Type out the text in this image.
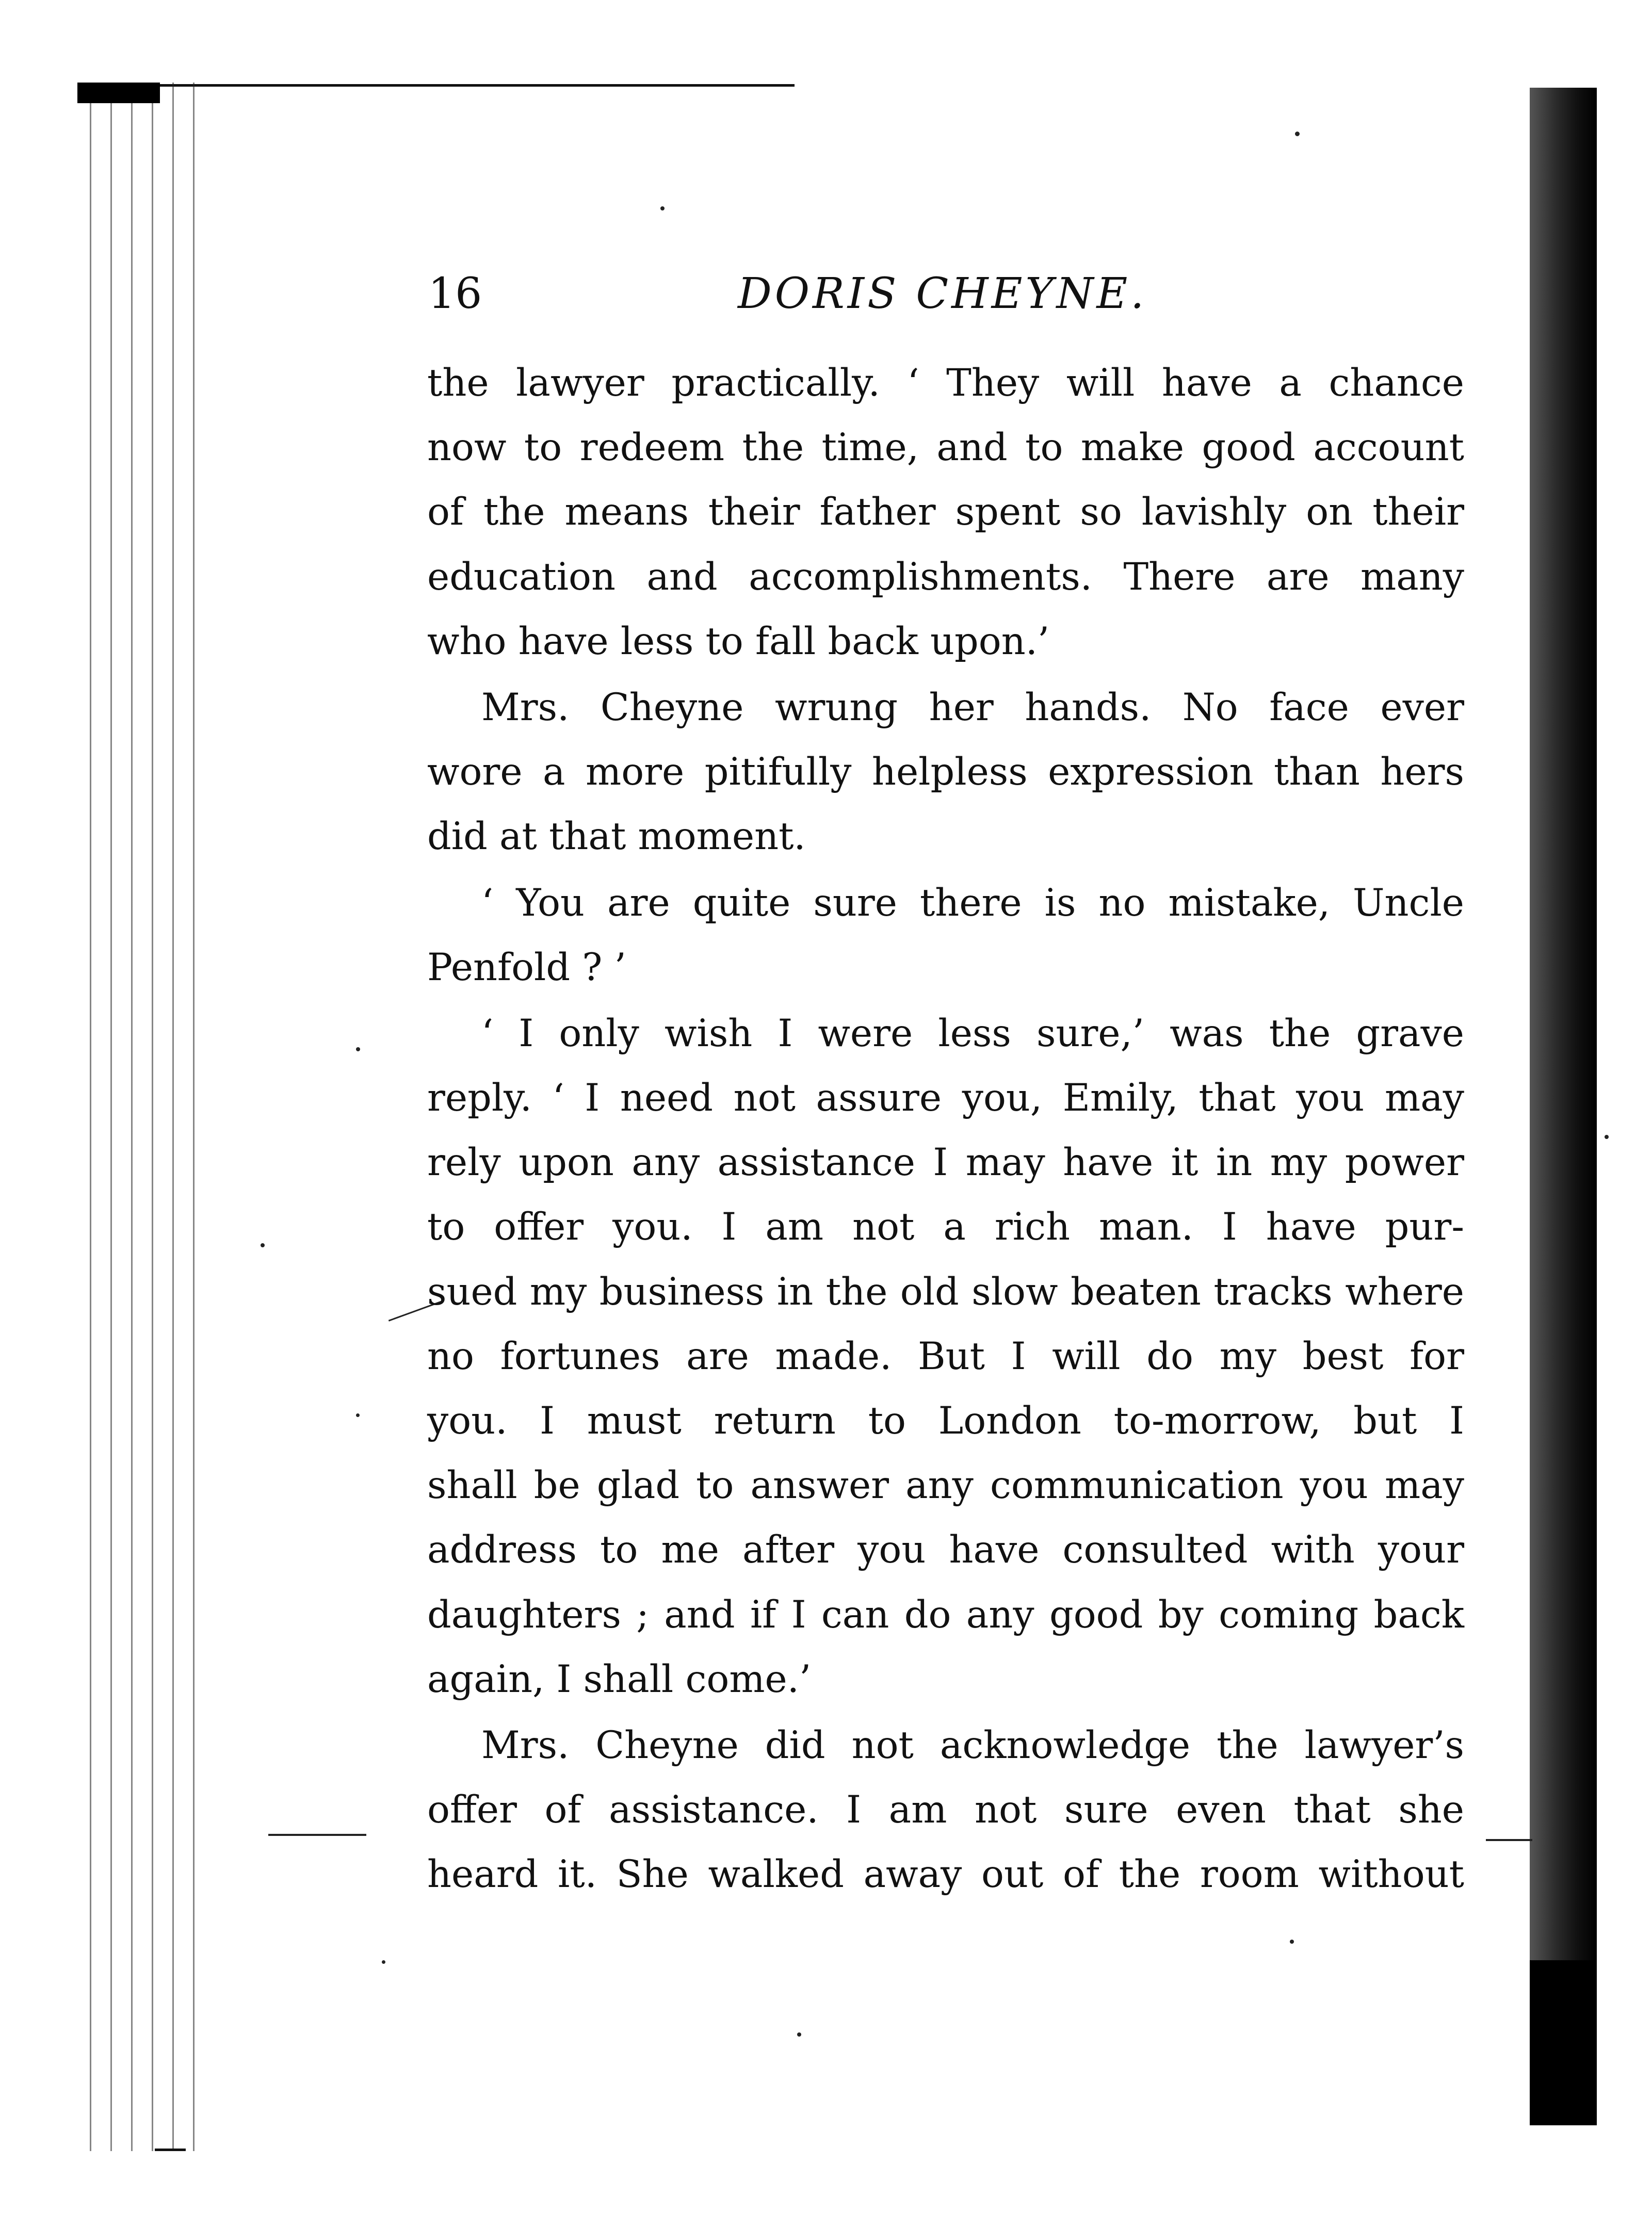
16	DORIS CHEYNE.
the lawyer practically. ‘ They will have a chance
now to redeem the time, and to make good account
of the means their father spent so lavishly on their
education and accomplishments. There are many
who have less to fall back upon.’
Mrs. Cheyne wrung her hands. No face ever
wore a more pitifully helpless expression than hers
did at that moment.
‘ You are quite sure there is no mistake, Uncle
Penfold ? ’
‘ I only wish I were less sure,’ was the grave
reply. ‘ I need not assure you, Emily, that you may
rely upon any assistance I may have it in my power
to offer you. I am not a rich man. I have pur-
sued my business in the old slow beaten tracks where
no fortunes are made. But I will do my best for
you. I must return to London to-morrow, but I
shall be glad to answer any communication you may
address to me after you have consulted with your
daughters ; and if I can do any good by coming back
again, I shall come.’
Mrs. Cheyne did not acknowledge the lawyer’s
offer of assistance. I am not sure even that she
heard it. She walked away out of the room without
